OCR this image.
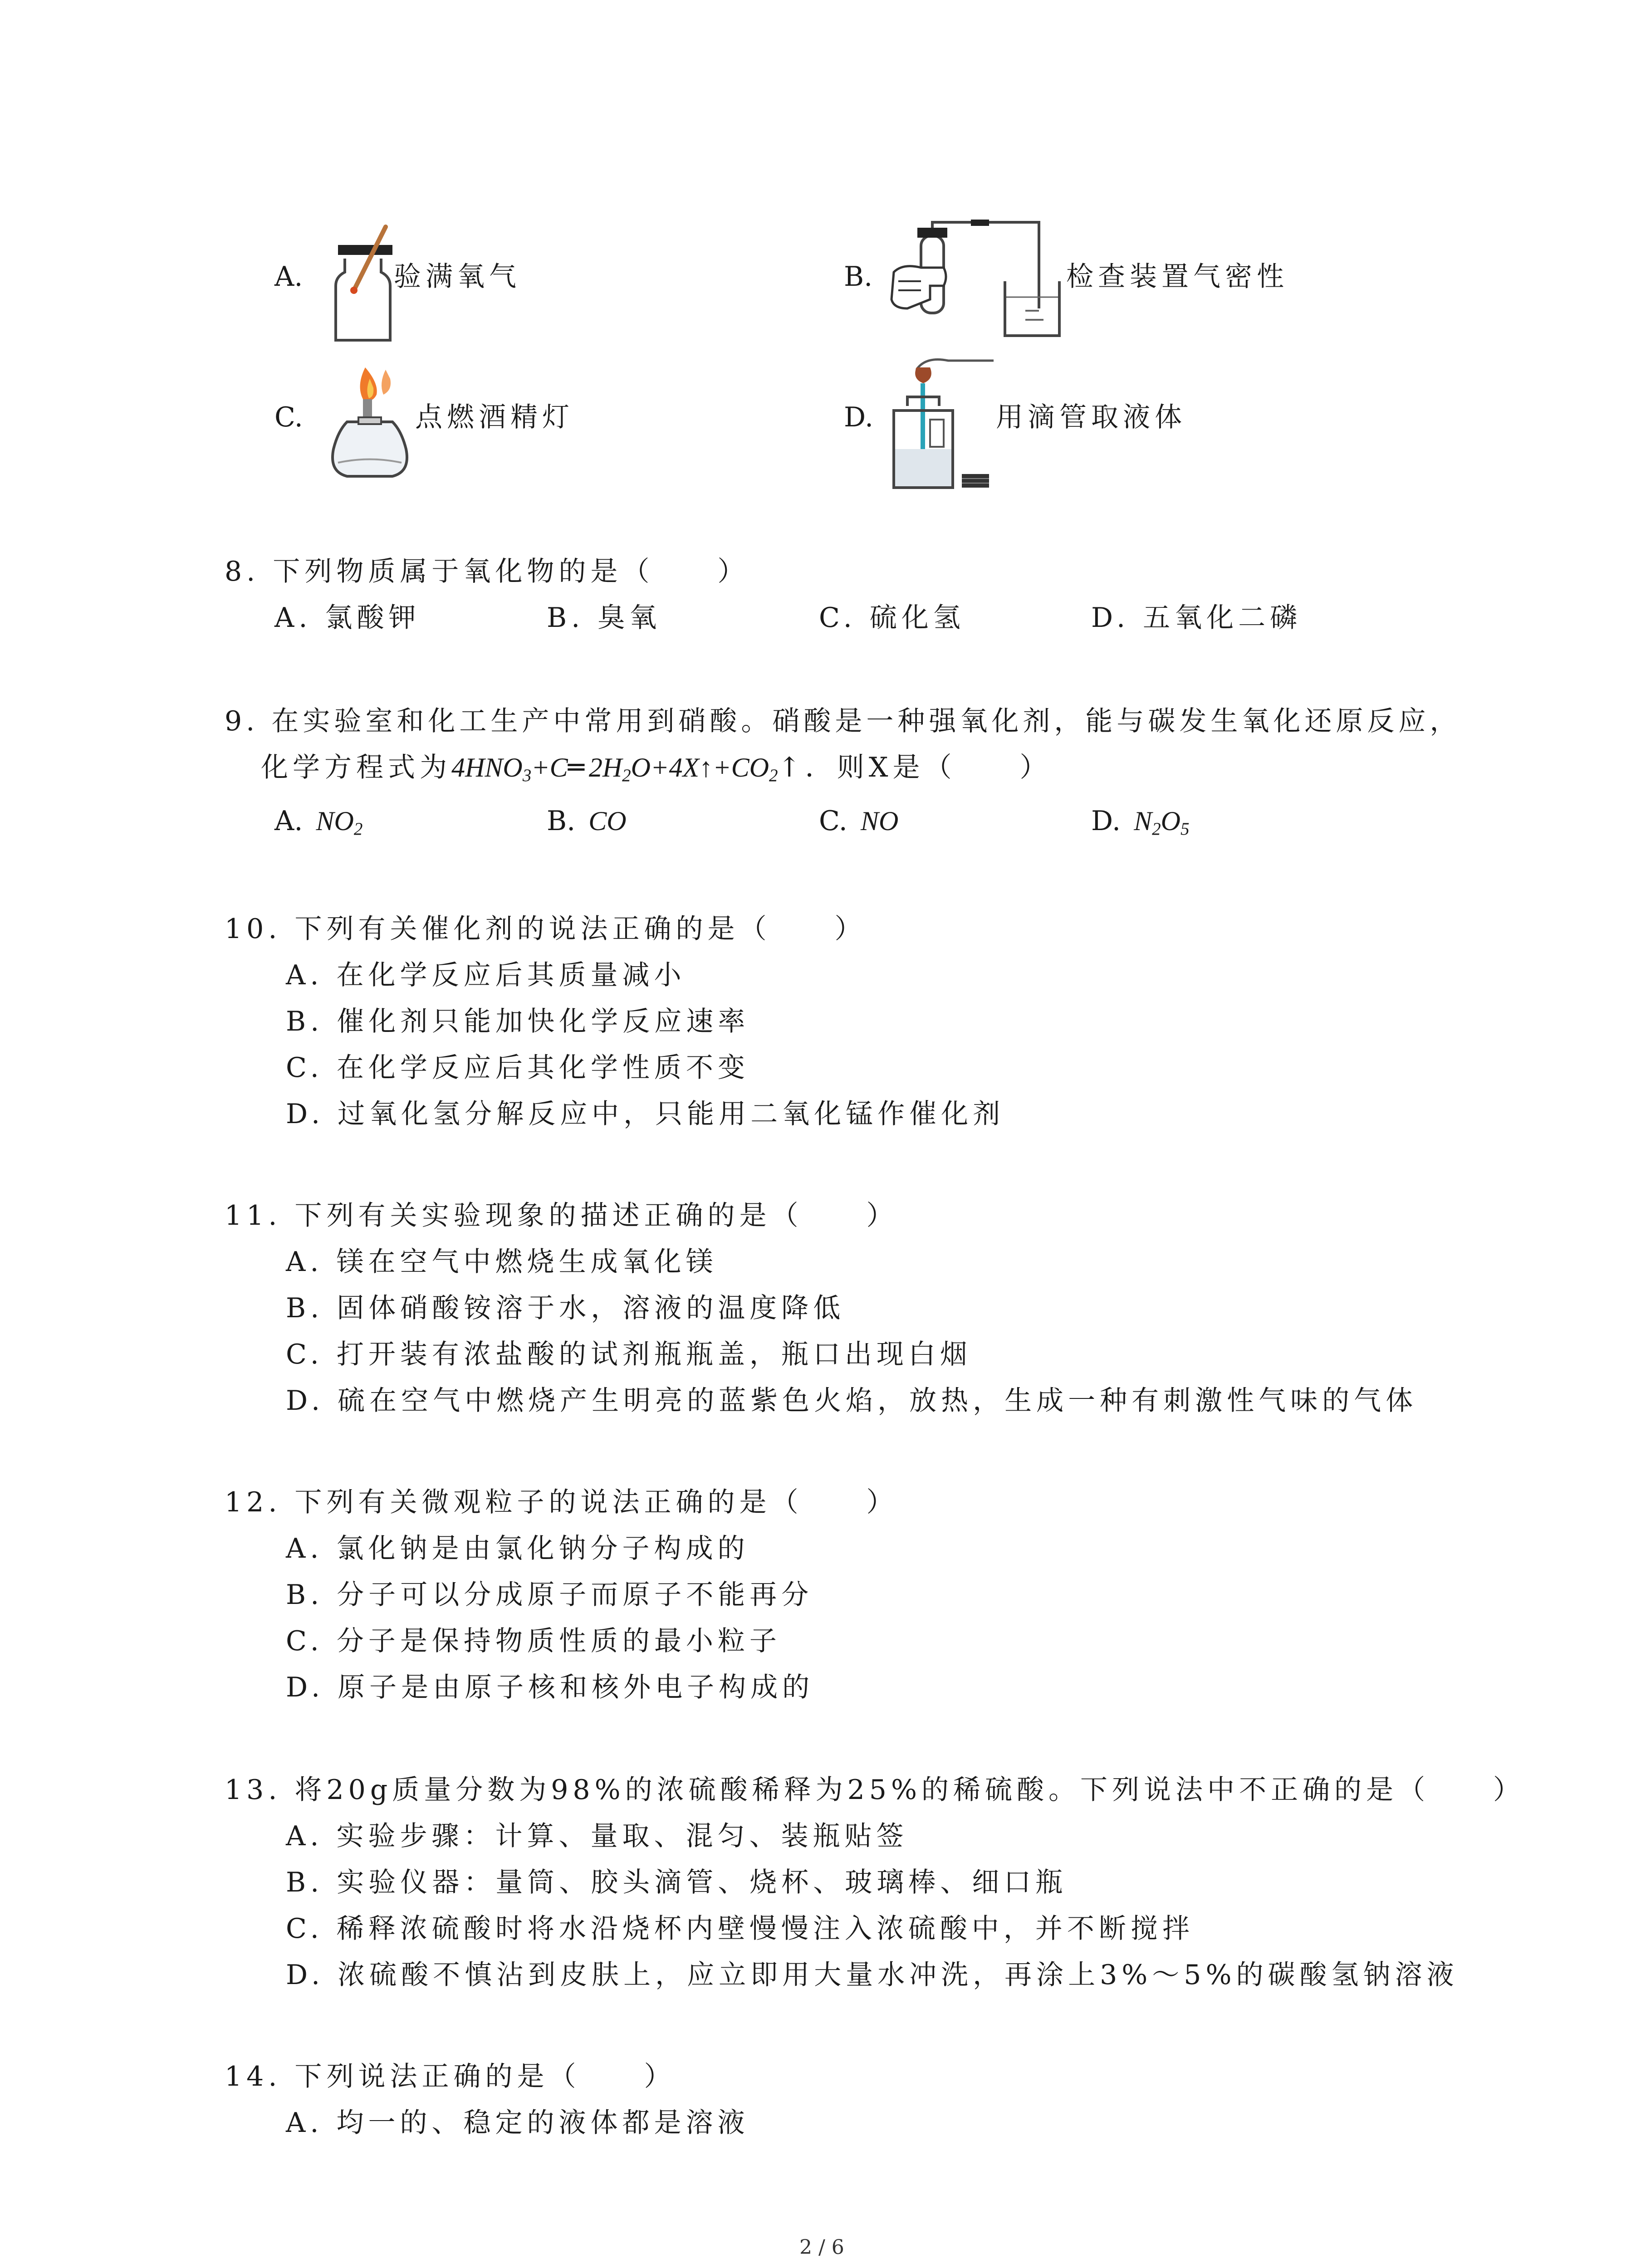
A.	验满氧气	B.	检查装置气密性
C.	点燃酒精灯	D.	用滴管取液体
8. 下列物质属于氧化物的是（　　）
A. 氯酸钾	B. 臭氧	C. 硫化氢	D. 五氧化二磷
9. 在实验室和化工生产中常用到硝酸。硝酸是一种强氧化剂，能与碳发生氧化还原反应，
化学方程式为$4HNO_3+C═2H_2O+4X↑+CO_2↑$．则X是（　　）
A. $NO_2$	B. CO	C. NO	D. $N_2O_5$
10. 下列有关催化剂的说法正确的是（　　）
A. 在化学反应后其质量减小
B. 催化剂只能加快化学反应速率
C. 在化学反应后其化学性质不变
D. 过氧化氢分解反应中，只能用二氧化锰作催化剂
11. 下列有关实验现象的描述正确的是（　　）
A. 镁在空气中燃烧生成氧化镁
B. 固体硝酸铵溶于水，溶液的温度降低
C. 打开装有浓盐酸的试剂瓶瓶盖，瓶口出现白烟
D. 硫在空气中燃烧产生明亮的蓝紫色火焰，放热，生成一种有刺激性气味的气体
12. 下列有关微观粒子的说法正确的是（　　）
A. 氯化钠是由氯化钠分子构成的
B. 分子可以分成原子而原子不能再分
C. 分子是保持物质性质的最小粒子
D. 原子是由原子核和核外电子构成的
13. 将20g质量分数为98%的浓硫酸稀释为25%的稀硫酸。下列说法中不正确的是（　　）
A. 实验步骤：计算、量取、混匀、装瓶贴签
B. 实验仪器：量筒、胶头滴管、烧杯、玻璃棒、细口瓶
C. 稀释浓硫酸时将水沿烧杯内壁慢慢注入浓硫酸中，并不断搅拌
D. 浓硫酸不慎沾到皮肤上，应立即用大量水冲洗，再涂上3%～5%的碳酸氢钠溶液
14. 下列说法正确的是（　　）
A. 均一的、稳定的液体都是溶液
2 / 6
